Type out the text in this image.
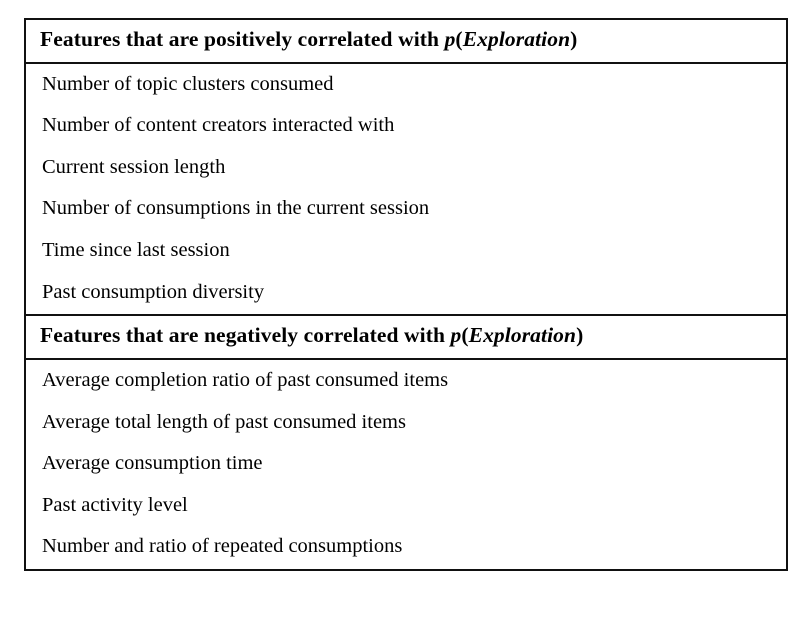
Features that are positively correlated with p(Exploration)
Number of topic clusters consumed
Number of content creators interacted with
Current session length
Number of consumptions in the current session
Time since last session
Past consumption diversity
Features that are negatively correlated with p(Exploration)
Average completion ratio of past consumed items
Average total length of past consumed items
Average consumption time
Past activity level
Number and ratio of repeated consumptions
